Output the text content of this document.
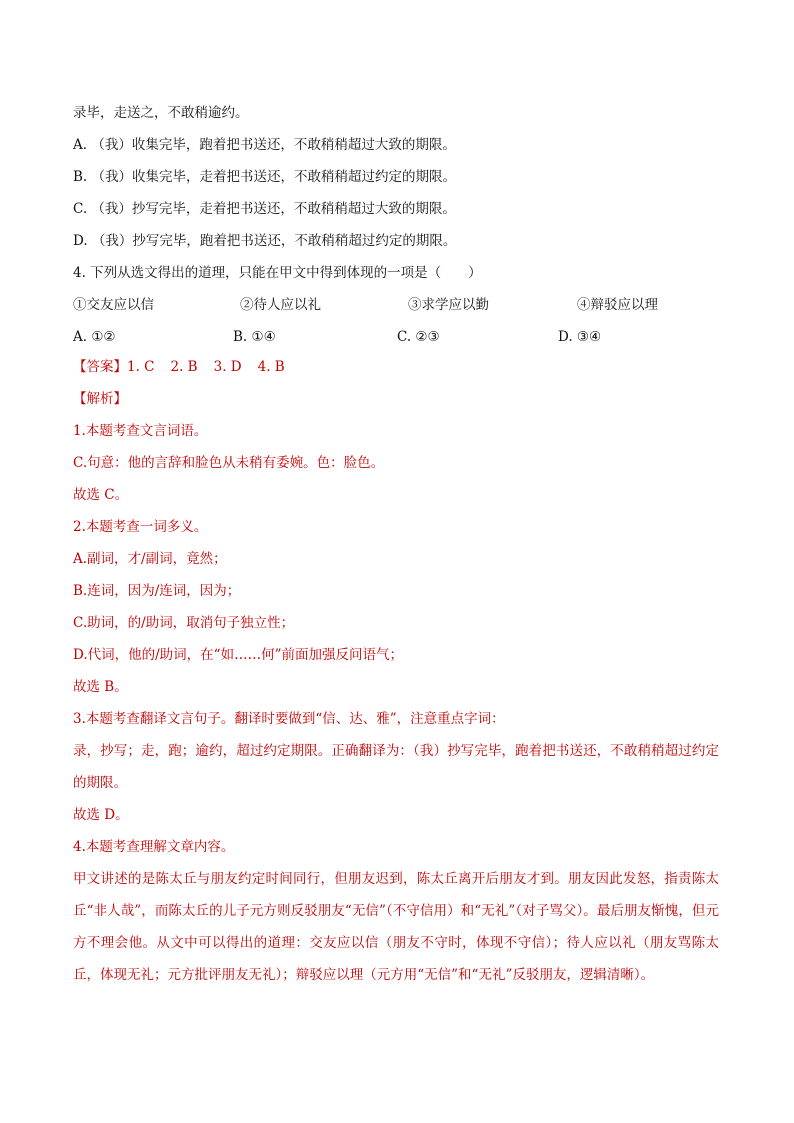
录毕，走送之，不敢稍逾约。
A. （我）收集完毕，跑着把书送还，不敢稍稍超过大致的期限。
B. （我）收集完毕，走着把书送还，不敢稍稍超过约定的期限。
C. （我）抄写完毕，走着把书送还，不敢稍稍超过大致的期限。
D. （我）抄写完毕，跑着把书送还，不敢稍稍超过约定的期限。
4. 下列从选文得出的道理，只能在甲文中得到体现的一项是（　　）
①交友应以信	②待人应以礼	③求学应以勤	④辩驳应以理
A. ①②	B. ①④	C. ②③	D. ③④
【答案】1. C 2. B 3. D 4. B
【解析】
1.本题考查文言词语。
C.句意：他的言辞和脸色从未稍有委婉。色：脸色。
故选 C。
2.本题考查一词多义。
A.副词，才/副词，竟然；
B.连词，因为/连词，因为；
C.助词，的/助词，取消句子独立性；
D.代词，他的/助词，在“如……何”前面加强反问语气；
故选 B。
3.本题考查翻译文言句子。翻译时要做到“信、达、雅”，注意重点字词：
录，抄写；走，跑；逾约，超过约定期限。正确翻译为：（我）抄写完毕，跑着把书送还，不敢稍稍超过约定的期限。
故选 D。
4.本题考查理解文章内容。
甲文讲述的是陈太丘与朋友约定时间同行，但朋友迟到，陈太丘离开后朋友才到。朋友因此发怒，指责陈太丘“非人哉”，而陈太丘的儿子元方则反驳朋友“无信”（不守信用）和“无礼”（对子骂父）。最后朋友惭愧，但元方不理会他。从文中可以得出的道理：交友应以信（朋友不守时，体现不守信）；待人应以礼（朋友骂陈太丘，体现无礼；元方批评朋友无礼）；辩驳应以理（元方用“无信”和“无礼”反驳朋友，逻辑清晰）。
